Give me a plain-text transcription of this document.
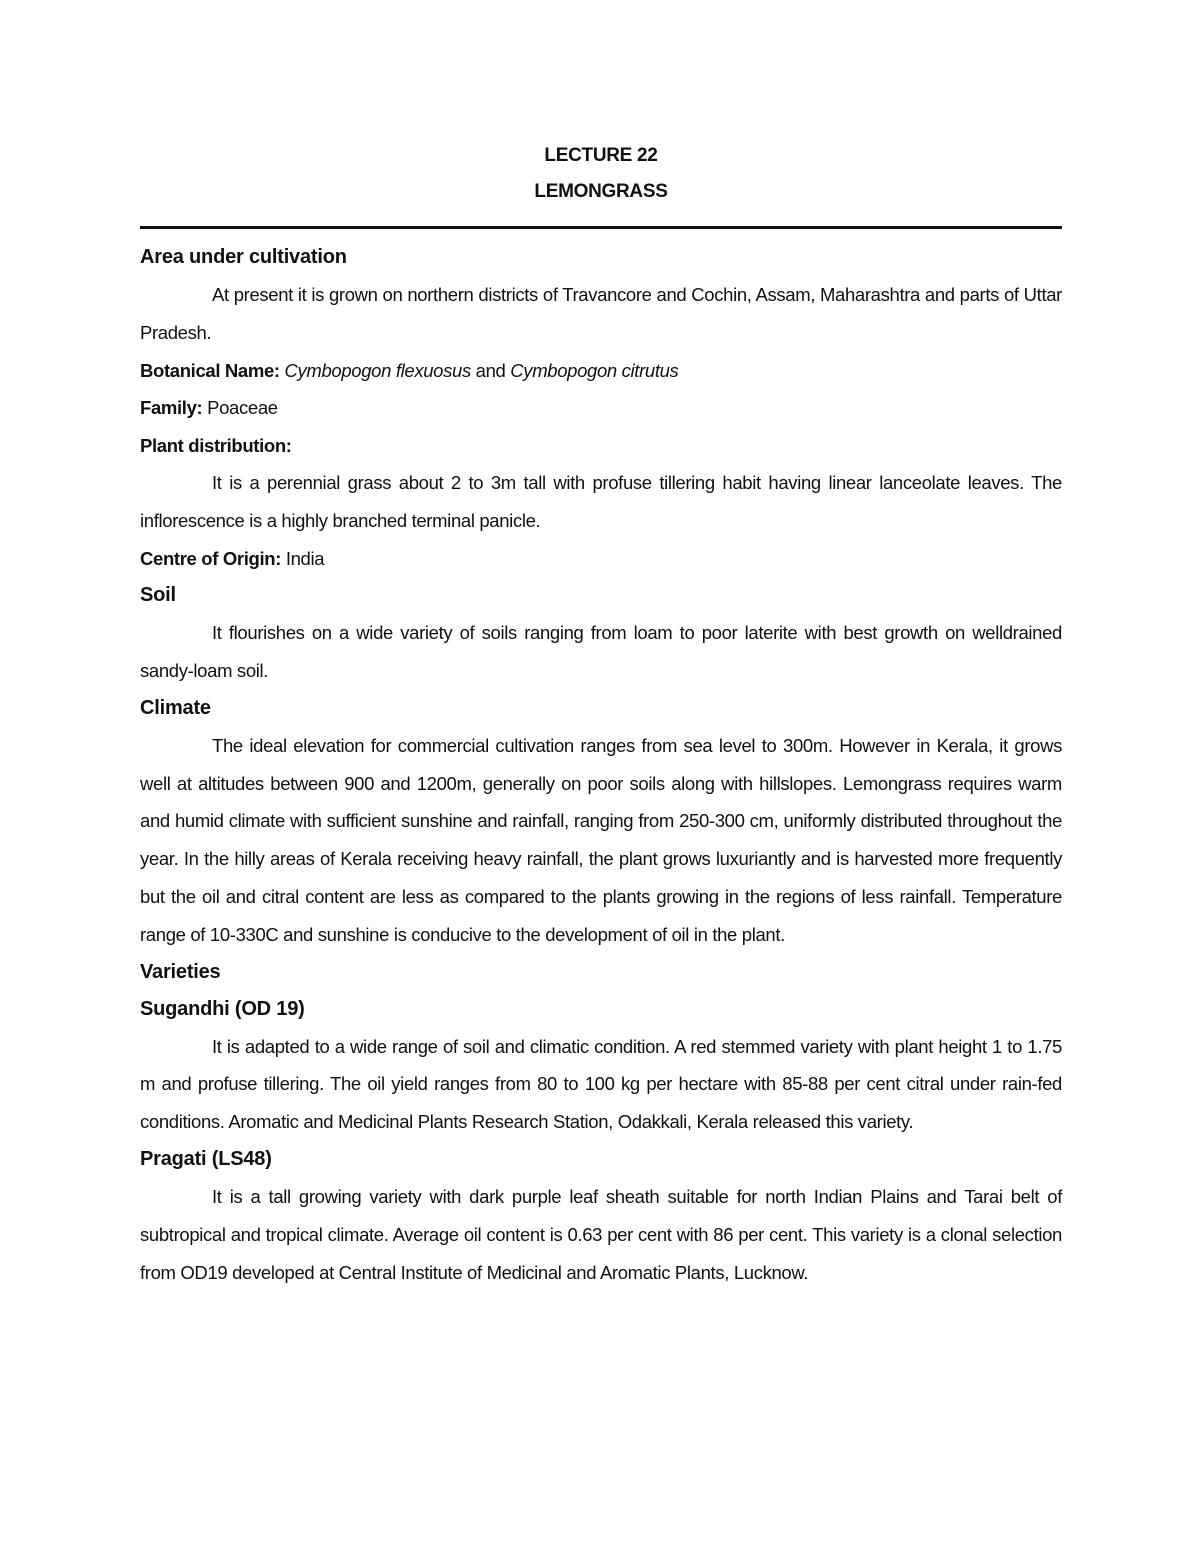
LECTURE 22
LEMONGRASS
Area under cultivation

At present it is grown on northern districts of Travancore and Cochin, Assam, Maharashtra and parts of Uttar Pradesh.

Botanical Name: Cymbopogon flexuosus and Cymbopogon citrutus
Family: Poaceae
Plant distribution:

It is a perennial grass about 2 to 3m tall with profuse tillering habit having linear lanceolate leaves. The inflorescence is a highly branched terminal panicle.

Centre of Origin: India
Soil

It flourishes on a wide variety of soils ranging from loam to poor laterite with best growth on welldrained sandy-loam soil.

Climate

The ideal elevation for commercial cultivation ranges from sea level to 300m. However in Kerala, it grows well at altitudes between 900 and 1200m, generally on poor soils along with hillslopes. Lemongrass requires warm and humid climate with sufficient sunshine and rainfall, ranging from 250-300 cm, uniformly distributed throughout the year. In the hilly areas of Kerala receiving heavy rainfall, the plant grows luxuriantly and is harvested more frequently but the oil and citral content are less as compared to the plants growing in the regions of less rainfall. Temperature range of 10-330C and sunshine is conducive to the development of oil in the plant.

Varieties
Sugandhi (OD 19)

It is adapted to a wide range of soil and climatic condition. A red stemmed variety with plant height 1 to 1.75 m and profuse tillering. The oil yield ranges from 80 to 100 kg per hectare with 85-88 per cent citral under rain-fed conditions. Aromatic and Medicinal Plants Research Station, Odakkali, Kerala released this variety.

Pragati (LS48)

It is a tall growing variety with dark purple leaf sheath suitable for north Indian Plains and Tarai belt of subtropical and tropical climate. Average oil content is 0.63 per cent with 86 per cent. This variety is a clonal selection from OD19 developed at Central Institute of Medicinal and Aromatic Plants, Lucknow.
